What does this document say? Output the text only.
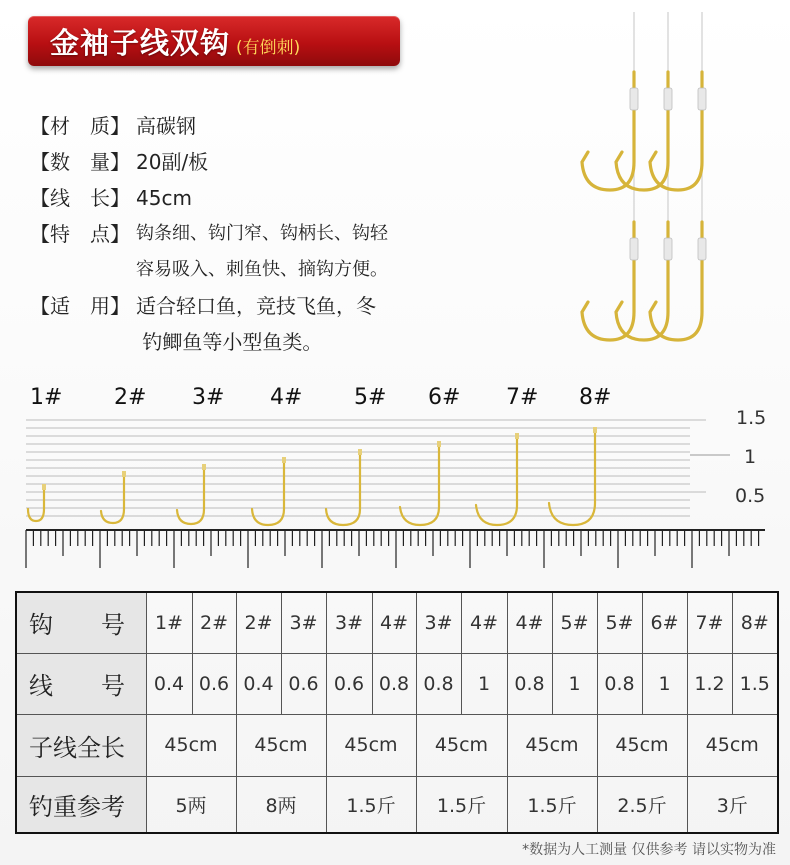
金袖子线双钩 (有倒刺)
【材　质】 高碳钢
【数　量】 20副/板
【线　长】 45cm
【特　点】 钩条细、钩门窄、钩柄长、钩轻
容易吸入、刺鱼快、摘钩方便。
【适　用】 适合轻口鱼，竞技飞鱼，冬
钓鲫鱼等小型鱼类。
1# 2# 3# 4# 5# 6# 7# 8#
1.5
1
0.5
钩　　号	1#	2#	2#	3#	3#	4#	3#	4#	4#	5#	5#	6#	7#	8#
线　　号	0.4	0.6	0.4	0.6	0.6	0.8	0.8	1	0.8	1	0.8	1	1.2	1.5
子线全长	45cm		45cm		45cm		45cm		45cm		45cm		45cm	
钓重参考	5两		8两		1.5斤		1.5斤		1.5斤		2.5斤		3斤	
*数据为人工测量 仅供参考 请以实物为准
